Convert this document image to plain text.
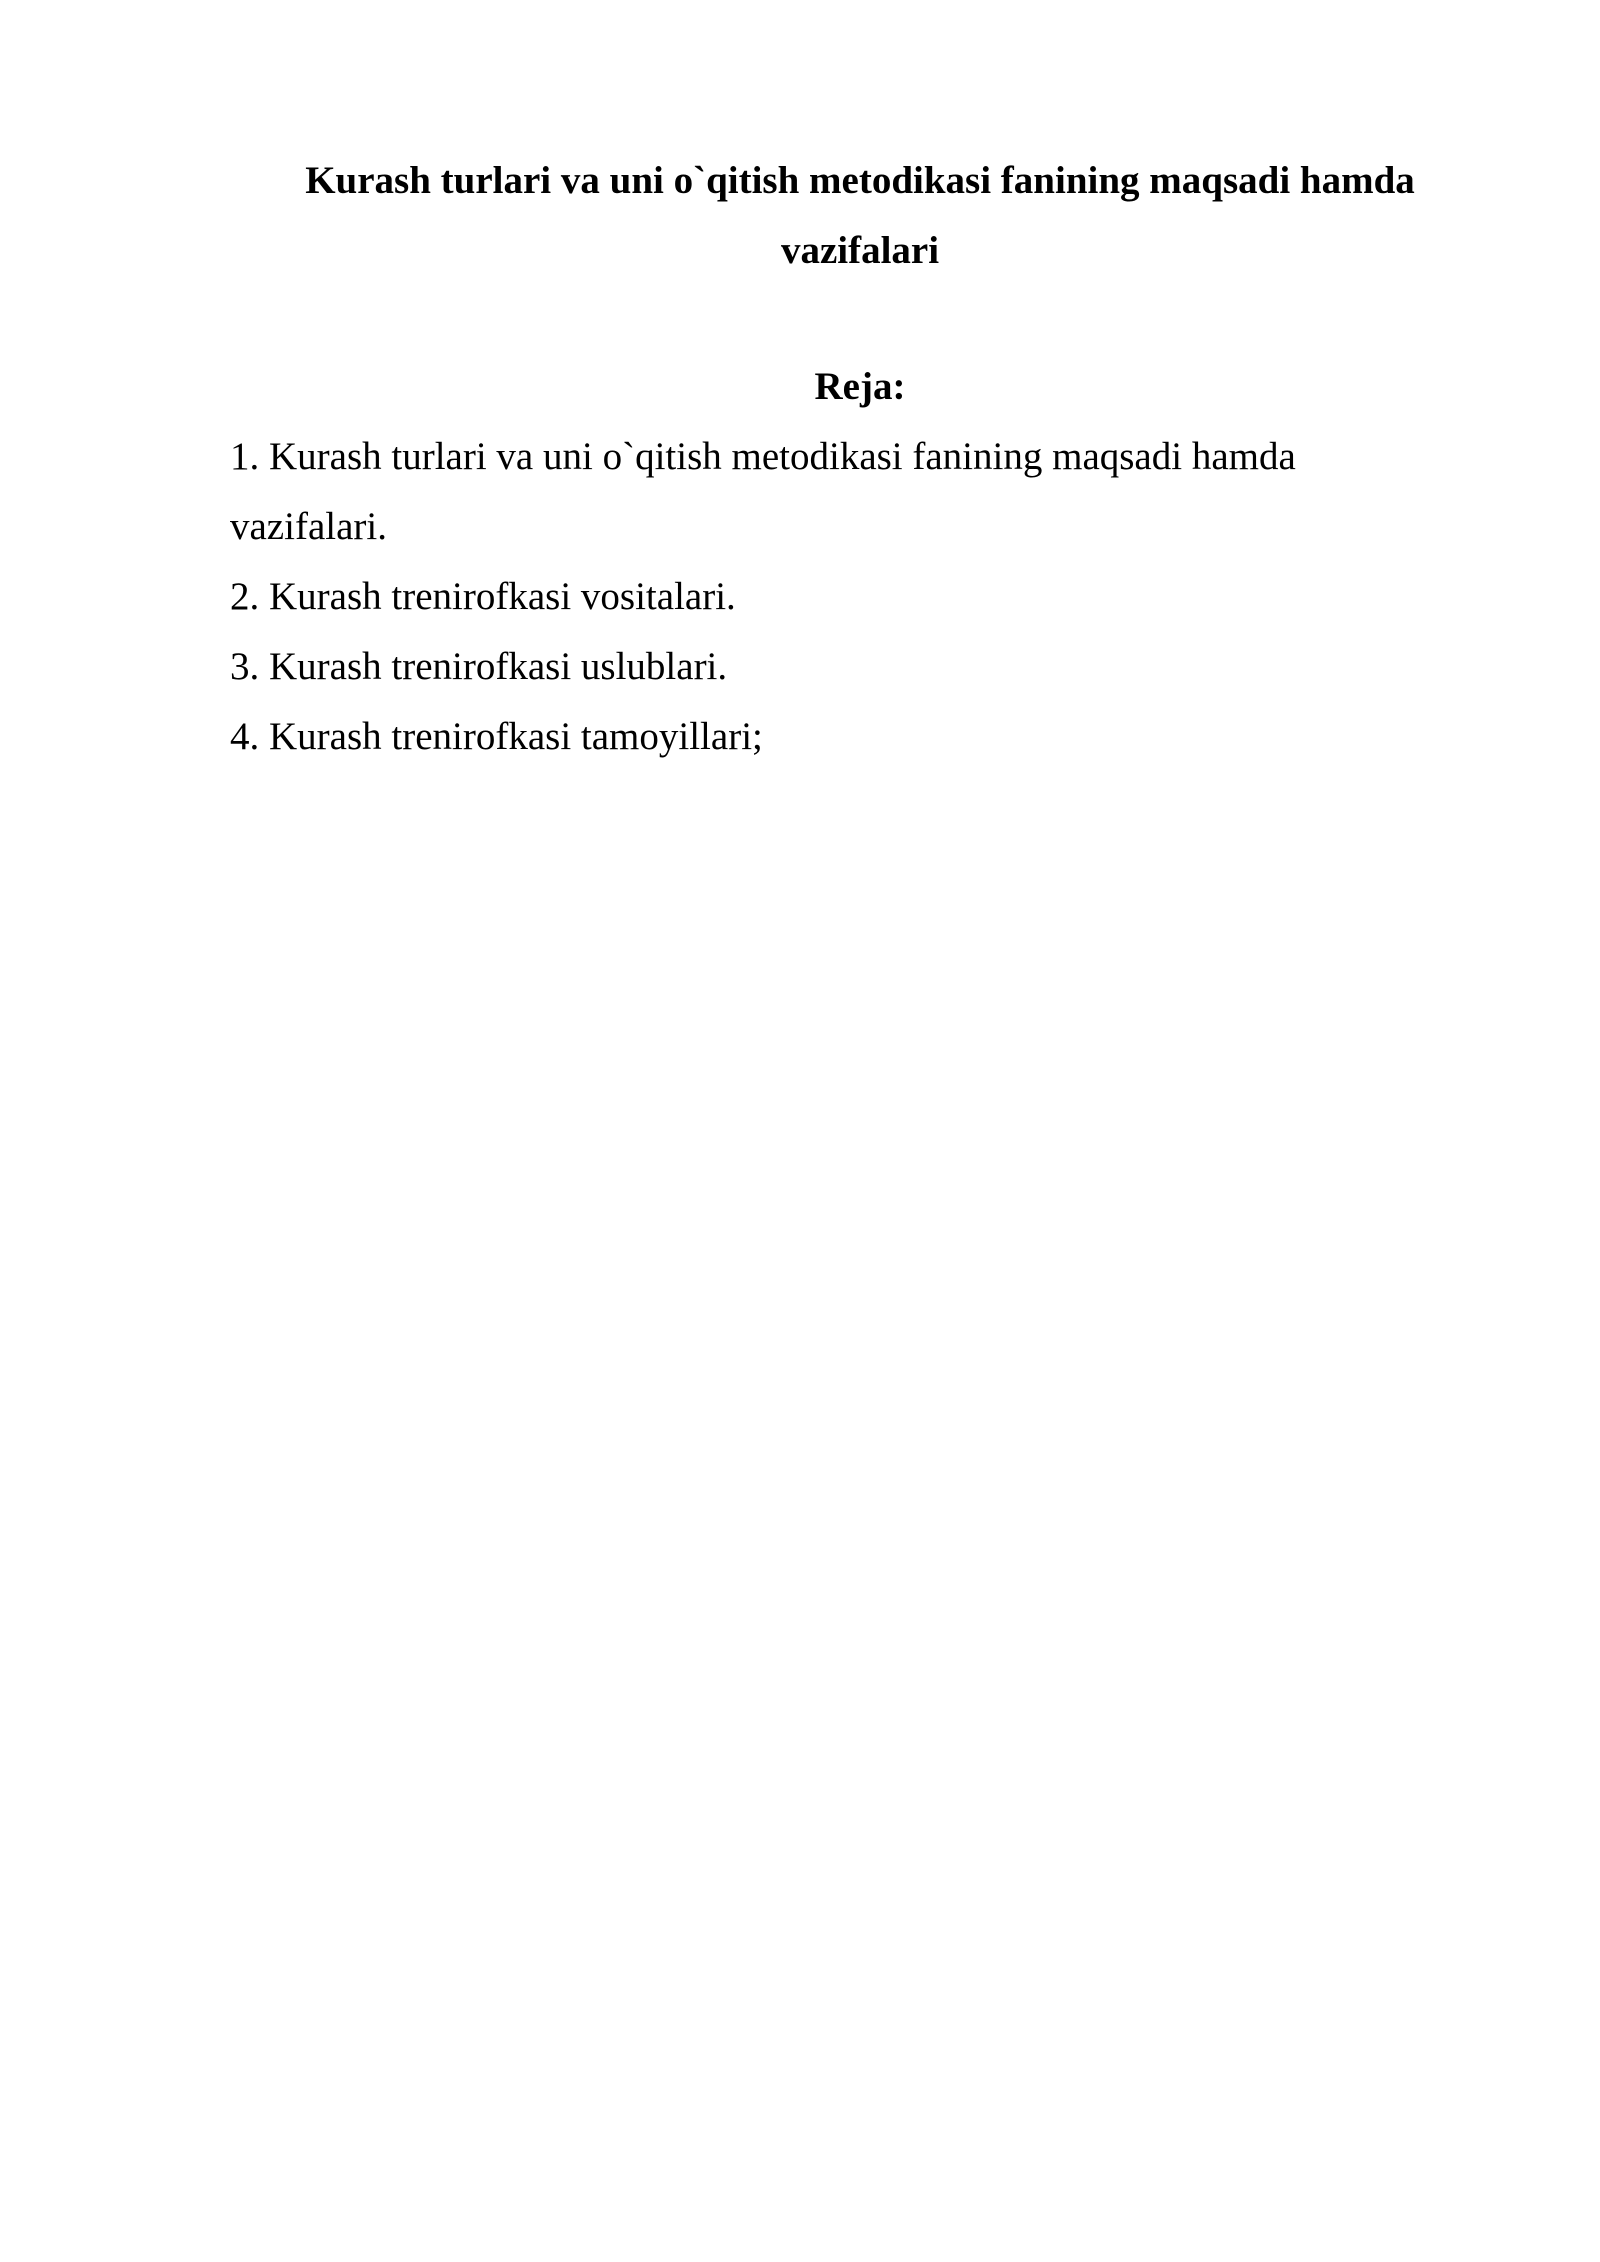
Kurash turlari va uni o`qitish metodikasi fanining maqsadi hamda
vazifalari
Reja:
1. Kurash turlari va uni o`qitish metodikasi fanining maqsadi hamda
vazifalari.
2. Kurash trenirofkasi vositalari.
3. Kurash trenirofkasi uslublari.
4. Kurash trenirofkasi tamoyillari;
